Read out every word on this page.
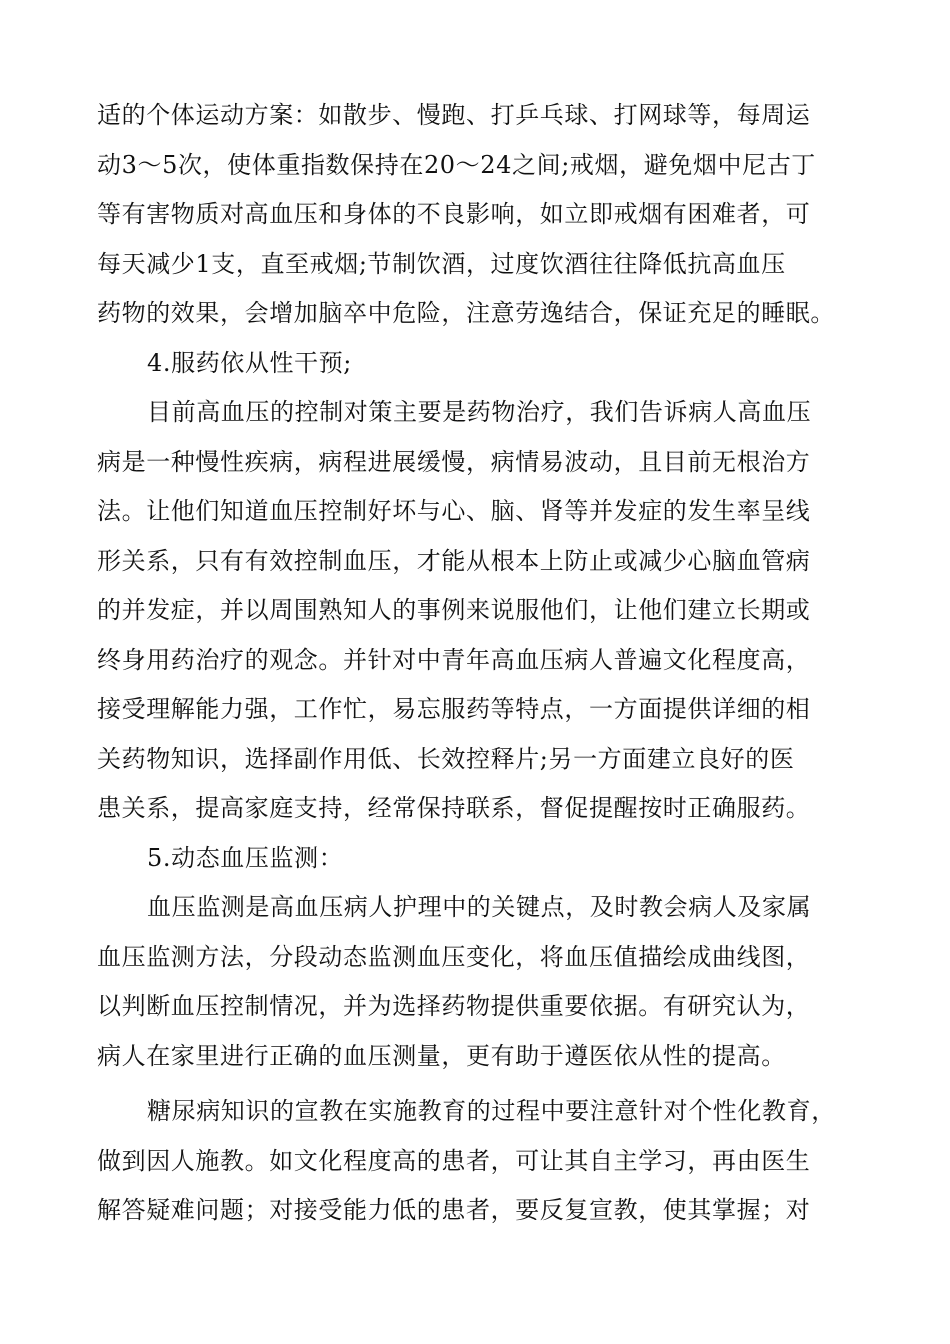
适的个体运动方案：如散步、慢跑、打乒乓球、打网球等，每周运
动3～5次，使体重指数保持在20～24之间;戒烟，避免烟中尼古丁
等有害物质对高血压和身体的不良影响，如立即戒烟有困难者，可
每天减少1支，直至戒烟;节制饮酒，过度饮酒往往降低抗高血压
药物的效果，会增加脑卒中危险，注意劳逸结合，保证充足的睡眠。
4.服药依从性干预;
目前高血压的控制对策主要是药物治疗，我们告诉病人高血压
病是一种慢性疾病，病程进展缓慢，病情易波动，且目前无根治方
法。让他们知道血压控制好坏与心、脑、肾等并发症的发生率呈线
形关系，只有有效控制血压，才能从根本上防止或减少心脑血管病
的并发症，并以周围熟知人的事例来说服他们，让他们建立长期或
终身用药治疗的观念。并针对中青年高血压病人普遍文化程度高，
接受理解能力强，工作忙，易忘服药等特点，一方面提供详细的相
关药物知识，选择副作用低、长效控释片;另一方面建立良好的医
患关系，提高家庭支持，经常保持联系，督促提醒按时正确服药。
5.动态血压监测：
血压监测是高血压病人护理中的关键点，及时教会病人及家属
血压监测方法，分段动态监测血压变化，将血压值描绘成曲线图，
以判断血压控制情况，并为选择药物提供重要依据。有研究认为，
病人在家里进行正确的血压测量，更有助于遵医依从性的提高。
糖尿病知识的宣教在实施教育的过程中要注意针对个性化教育，
做到因人施教。如文化程度高的患者，可让其自主学习，再由医生
解答疑难问题；对接受能力低的患者，要反复宣教，使其掌握；对
